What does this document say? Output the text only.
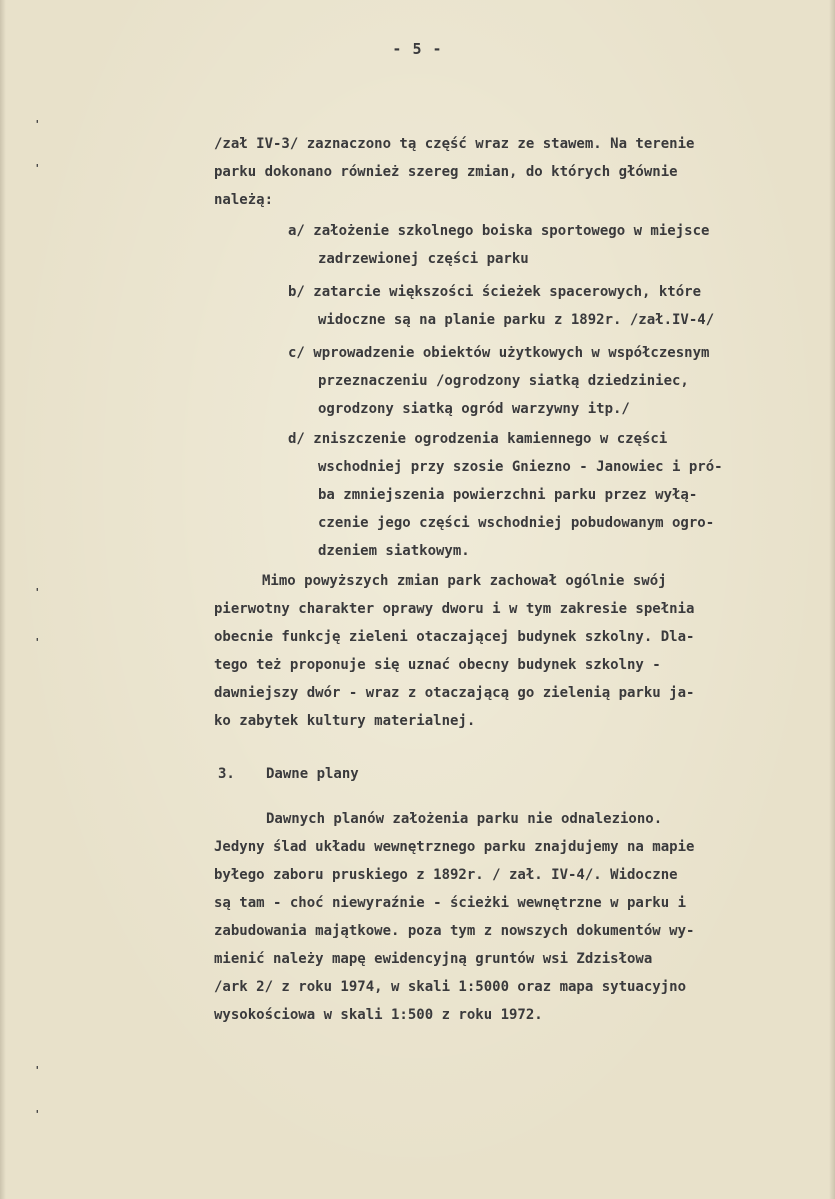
- 5 -
'
'
'
'
'
'
/zał IV-3/ zaznaczono tą część wraz ze stawem. Na terenie
parku dokonano również szereg zmian, do których głównie
należą:
a/ założenie szkolnego boiska sportowego w miejsce
zadrzewionej części parku
b/ zatarcie większości ścieżek spacerowych, które
widoczne są na planie parku z 1892r. /zał.IV-4/
c/ wprowadzenie obiektów użytkowych w współczesnym
przeznaczeniu /ogrodzony siatką dziedziniec,
ogrodzony siatką ogród warzywny itp./
d/ zniszczenie ogrodzenia kamiennego w części
wschodniej przy szosie Gniezno - Janowiec i pró-
ba zmniejszenia powierzchni parku przez wyłą-
czenie jego części wschodniej pobudowanym ogro-
dzeniem siatkowym.
Mimo powyższych zmian park zachował ogólnie swój
pierwotny charakter oprawy dworu i w tym zakresie spełnia
obecnie funkcję zieleni otaczającej budynek szkolny. Dla-
tego też proponuje się uznać obecny budynek szkolny -
dawniejszy dwór - wraz z otaczającą go zielenią parku ja-
ko zabytek kultury materialnej.
3. Dawne plany
Dawnych planów założenia parku nie odnaleziono.
Jedyny ślad układu wewnętrznego parku znajdujemy na mapie
byłego zaboru pruskiego z 1892r. / zał. IV-4/. Widoczne
są tam - choć niewyraźnie - ścieżki wewnętrzne w parku i
zabudowania majątkowe. poza tym z nowszych dokumentów wy-
mienić należy mapę ewidencyjną gruntów wsi Zdzisłowa
/ark 2/ z roku 1974, w skali 1:5000 oraz mapa sytuacyjno
wysokościowa w skali 1:500 z roku 1972.
